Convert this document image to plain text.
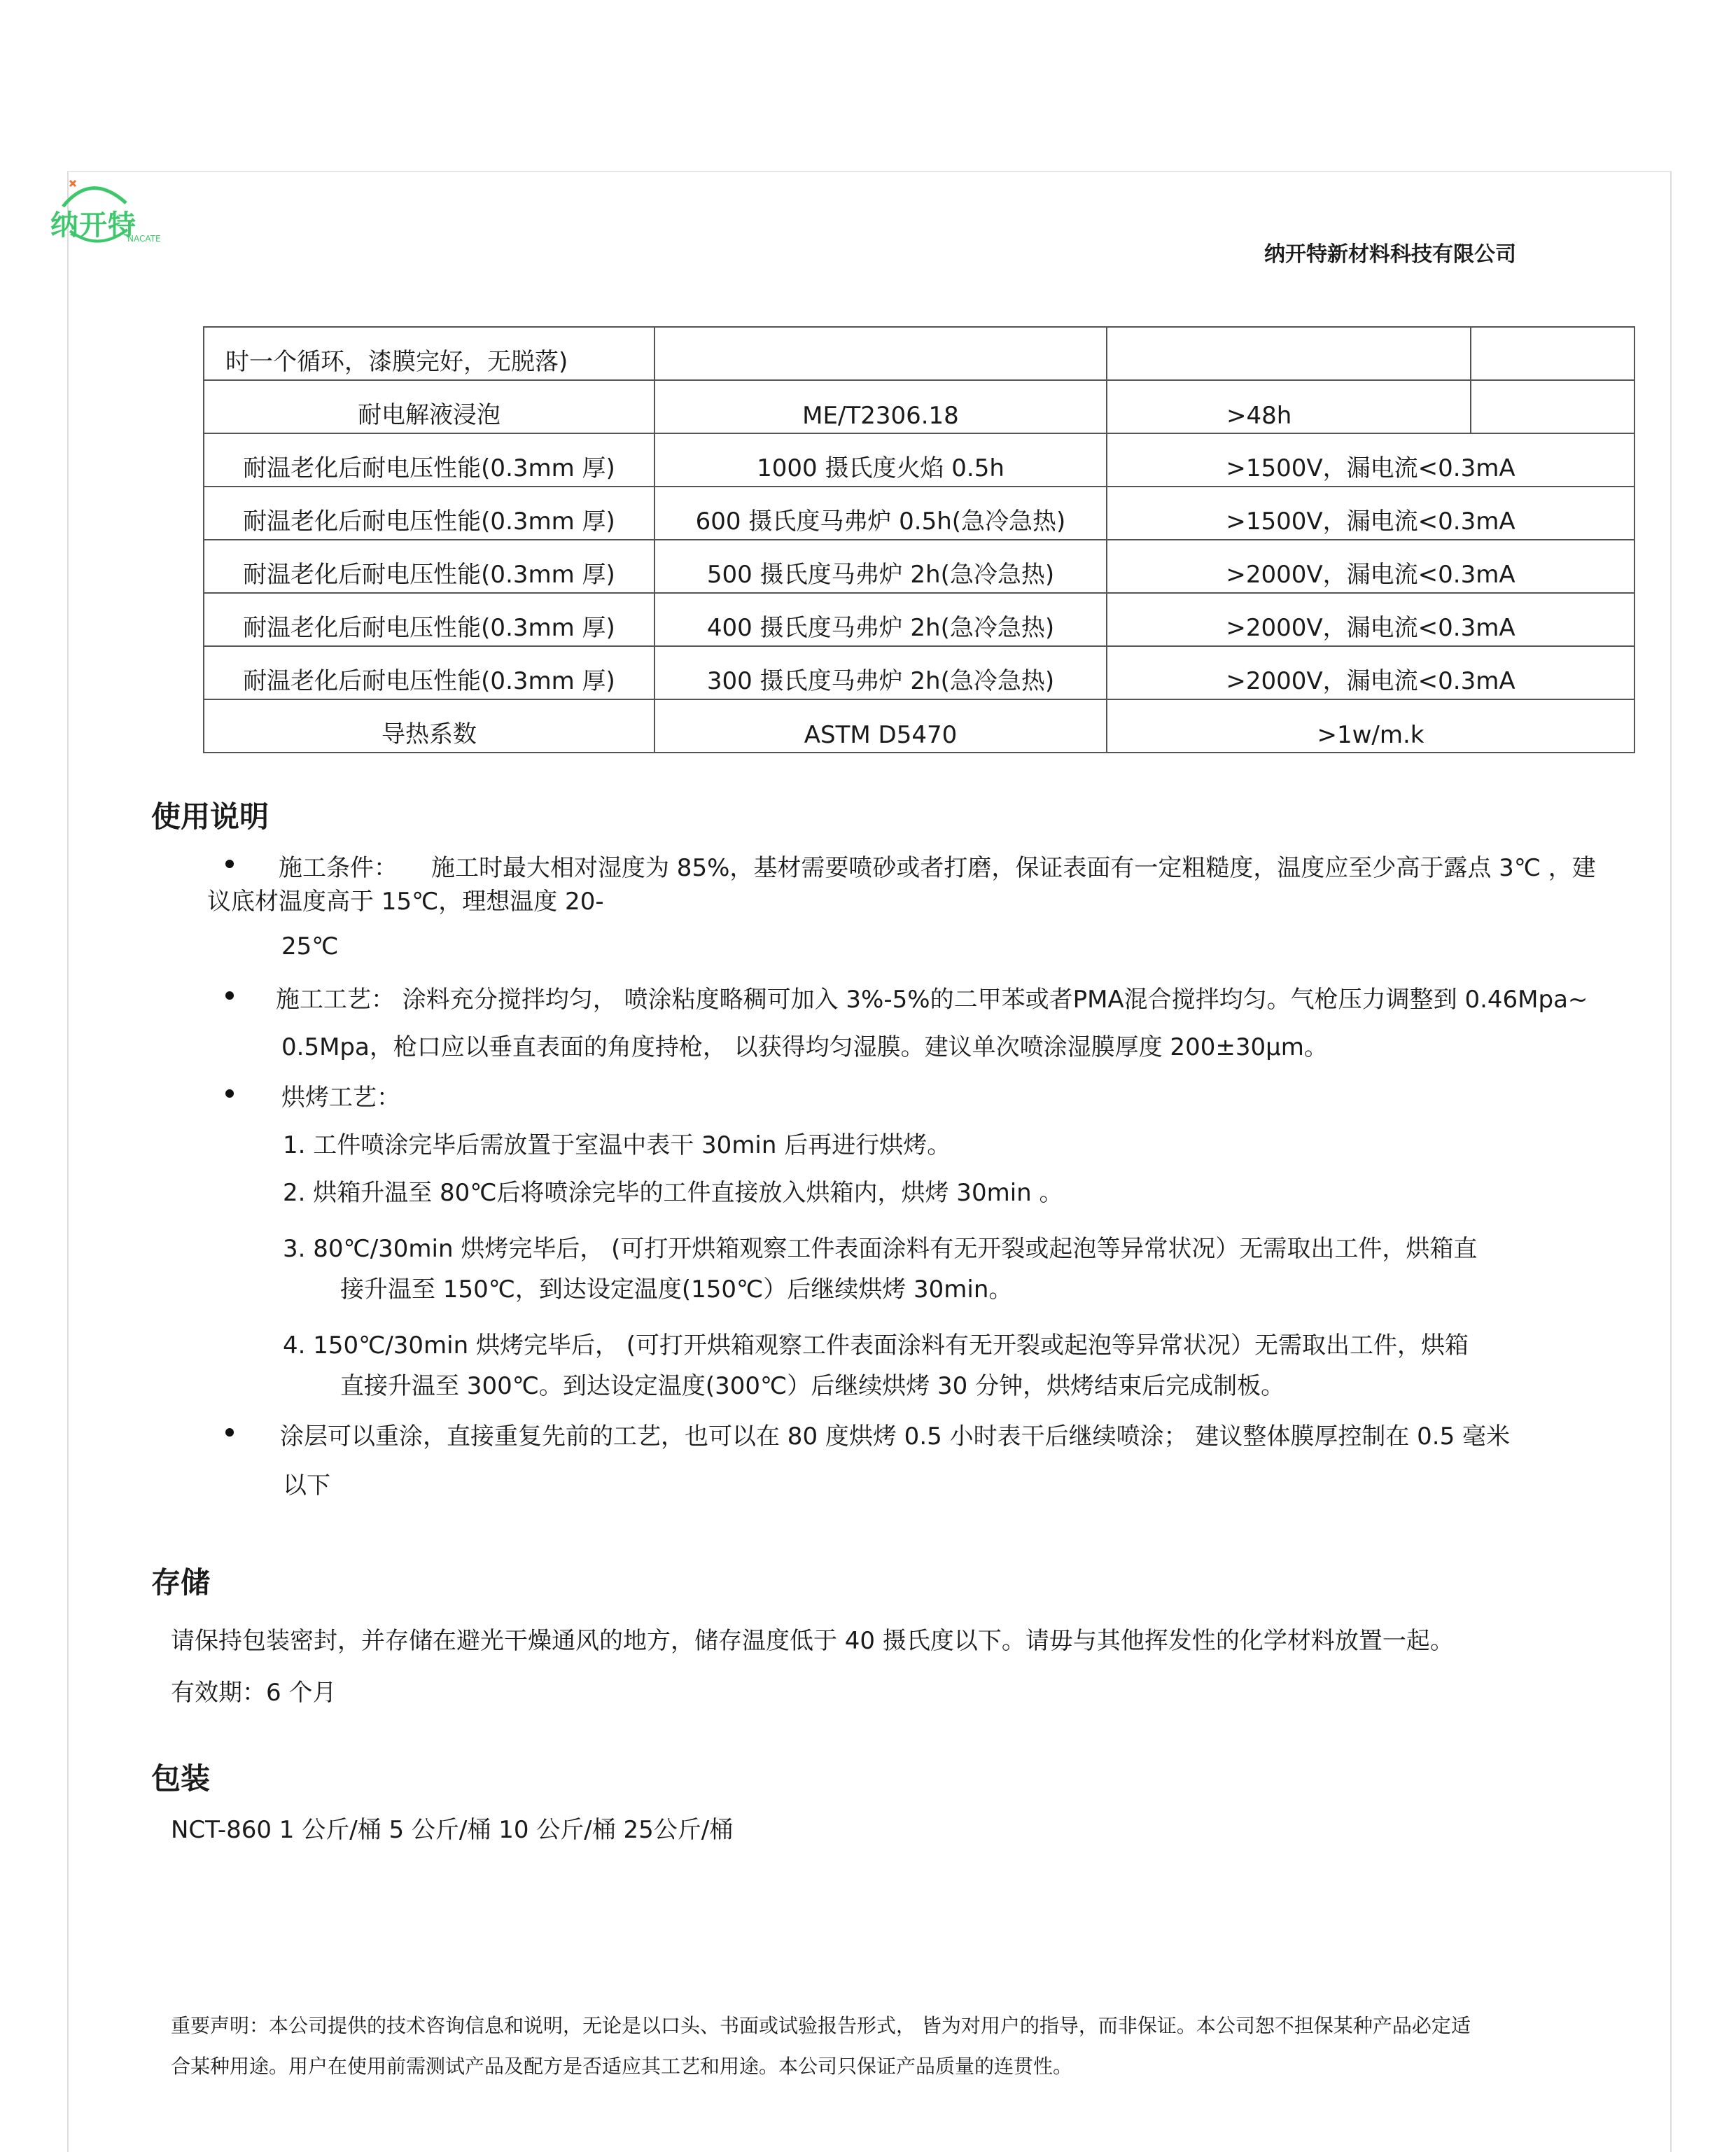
纳开特
NACATE
纳开特新材料科技有限公司
时一个循环，漆膜完好，无脱落)			
耐电解液浸泡	ME/T2306.18	>48h	
耐温老化后耐电压性能(0.3mm 厚)	1000 摄氏度火焰 0.5h	>1500V，漏电流<0.3mA	
耐温老化后耐电压性能(0.3mm 厚)	600 摄氏度马弗炉 0.5h(急冷急热)	>1500V，漏电流<0.3mA	
耐温老化后耐电压性能(0.3mm 厚)	500 摄氏度马弗炉 2h(急冷急热)	>2000V，漏电流<0.3mA	
耐温老化后耐电压性能(0.3mm 厚)	400 摄氏度马弗炉 2h(急冷急热)	>2000V，漏电流<0.3mA	
耐温老化后耐电压性能(0.3mm 厚)	300 摄氏度马弗炉 2h(急冷急热)	>2000V，漏电流<0.3mA	
导热系数	ASTM D5470	>1w/m.k	
使用说明
施工条件： 施工时最大相对湿度为 85%，基材需要喷砂或者打磨，保证表面有一定粗糙度，温度应至少高于露点 3℃ ，建
议底材温度高于 15℃，理想温度 20-
25℃
施工工艺： 涂料充分搅拌均匀， 喷涂粘度略稠可加入 3%-5%的二甲苯或者PMA混合搅拌均匀。气枪压力调整到 0.46Mpa~
0.5Mpa，枪口应以垂直表面的角度持枪， 以获得均匀湿膜。建议单次喷涂湿膜厚度 200±30μm。
烘烤工艺：
1. 工件喷涂完毕后需放置于室温中表干 30min 后再进行烘烤。
2. 烘箱升温至 80℃后将喷涂完毕的工件直接放入烘箱内，烘烤 30min 。
3. 80℃/30min 烘烤完毕后， (可打开烘箱观察工件表面涂料有无开裂或起泡等异常状况）无需取出工件，烘箱直
接升温至 150℃，到达设定温度(150℃）后继续烘烤 30min。
4. 150℃/30min 烘烤完毕后， (可打开烘箱观察工件表面涂料有无开裂或起泡等异常状况）无需取出工件，烘箱
直接升温至 300℃。到达设定温度(300℃）后继续烘烤 30 分钟，烘烤结束后完成制板。
涂层可以重涂，直接重复先前的工艺，也可以在 80 度烘烤 0.5 小时表干后继续喷涂； 建议整体膜厚控制在 0.5 毫米
以下
存储
请保持包装密封，并存储在避光干燥通风的地方，储存温度低于 40 摄氏度以下。请毋与其他挥发性的化学材料放置一起。
有效期：6 个月
包装
NCT-860 1 公斤/桶 5 公斤/桶 10 公斤/桶 25公斤/桶
重要声明：本公司提供的技术咨询信息和说明，无论是以口头、书面或试验报告形式， 皆为对用户的指导，而非保证。本公司恕不担保某种产品必定适
合某种用途。用户在使用前需测试产品及配方是否适应其工艺和用途。本公司只保证产品质量的连贯性。
